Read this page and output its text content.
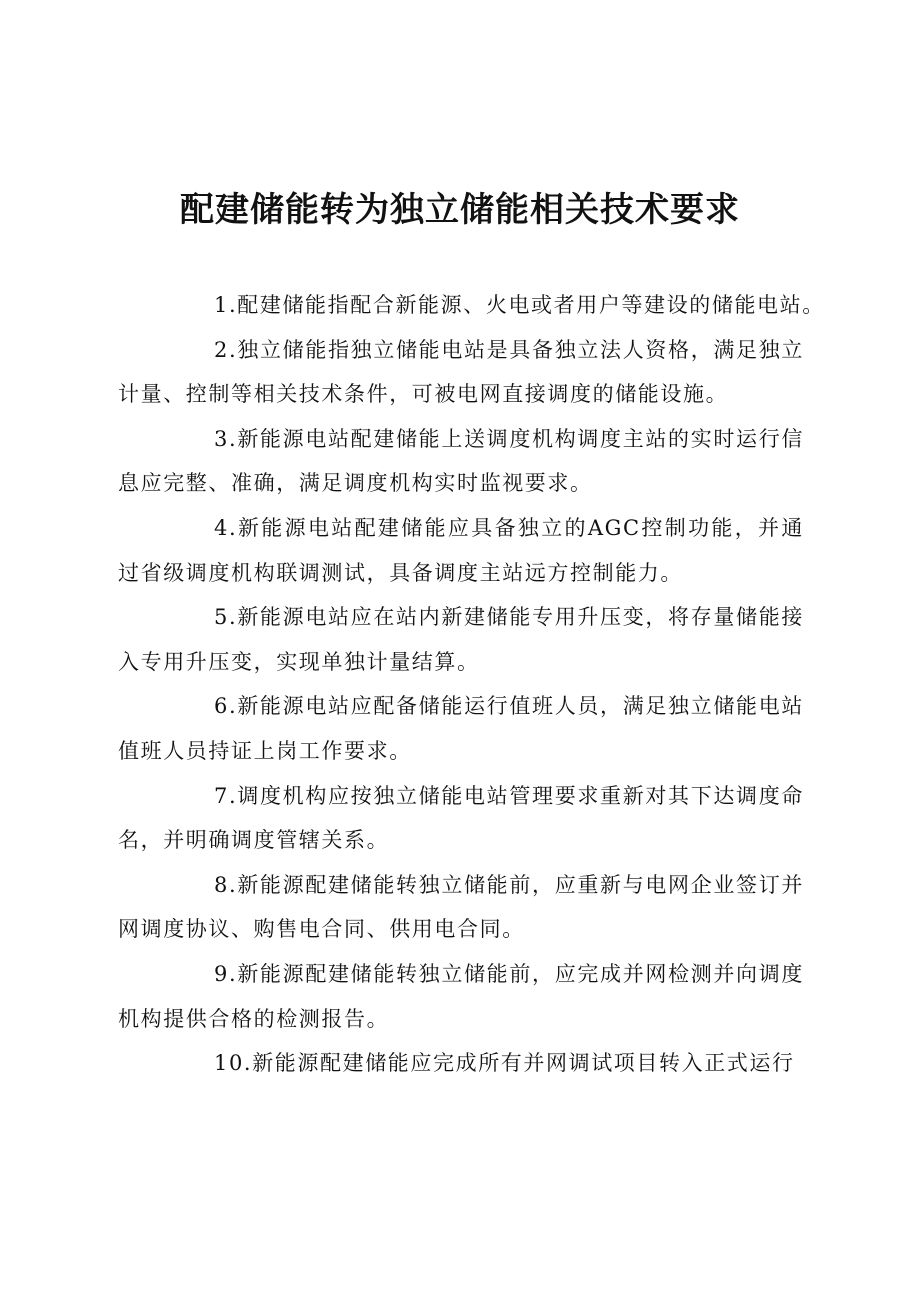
配建储能转为独立储能相关技术要求

1.配建储能指配合新能源、火电或者用户等建设的储能电站。

2.独立储能指独立储能电站是具备独立法人资格，满足独立计量、控制等相关技术条件，可被电网直接调度的储能设施。

3.新能源电站配建储能上送调度机构调度主站的实时运行信息应完整、准确，满足调度机构实时监视要求。

4.新能源电站配建储能应具备独立的AGC控制功能，并通过省级调度机构联调测试，具备调度主站远方控制能力。

5.新能源电站应在站内新建储能专用升压变，将存量储能接入专用升压变，实现单独计量结算。

6.新能源电站应配备储能运行值班人员，满足独立储能电站值班人员持证上岗工作要求。

7.调度机构应按独立储能电站管理要求重新对其下达调度命名，并明确调度管辖关系。

8.新能源配建储能转独立储能前，应重新与电网企业签订并网调度协议、购售电合同、供用电合同。

9.新能源配建储能转独立储能前，应完成并网检测并向调度机构提供合格的检测报告。

10.新能源配建储能应完成所有并网调试项目转入正式运行
